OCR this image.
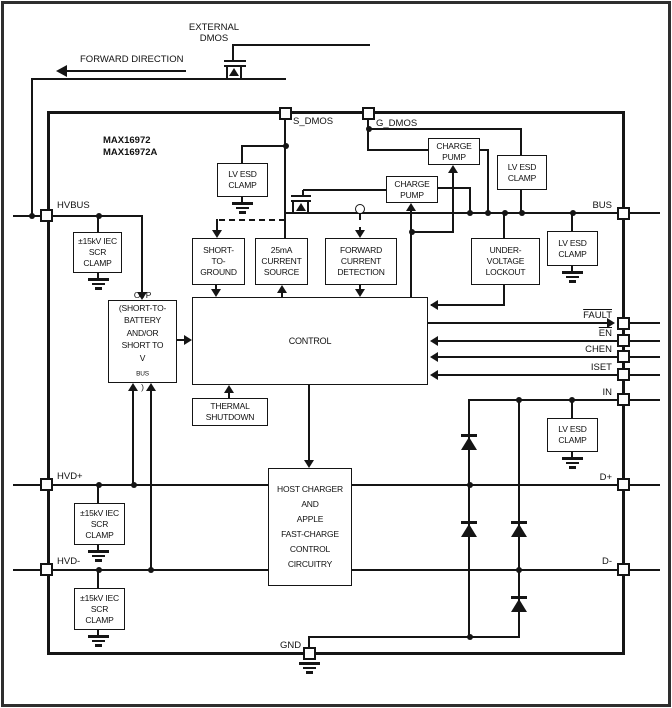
LV ESD
CLAMP
CHARGE
PUMP
CHARGE
PUMP
LV ESD
CLAMP
SHORT-
TO-
GROUND
25mA
CURRENT
SOURCE
FORWARD
CURRENT
DETECTION
UNDER-
VOLTAGE
LOCKOUT
LV ESD
CLAMP
OVP
(SHORT-TO-
BATTERY
AND/OR
SHORT TO
V
$_{BUS}$
)
CONTROL
THERMAL
SHUTDOWN
HOST CHARGER
AND
APPLE
FAST-CHARGE
CONTROL
CIRCUITRY
LV ESD
CLAMP
±15kV IEC
SCR
CLAMP
±15kV IEC
SCR
CLAMP
±15kV IEC
SCR
CLAMP
EXTERNAL
DMOS
FORWARD DIRECTION
MAX16972
MAX16972A
HVBUS
S_DMOS	G_DMOS
BUS
FAULT
$\overline{EN}$
CHEN
ISET
IN
D+
D-
HVD+
HVD-
GND
